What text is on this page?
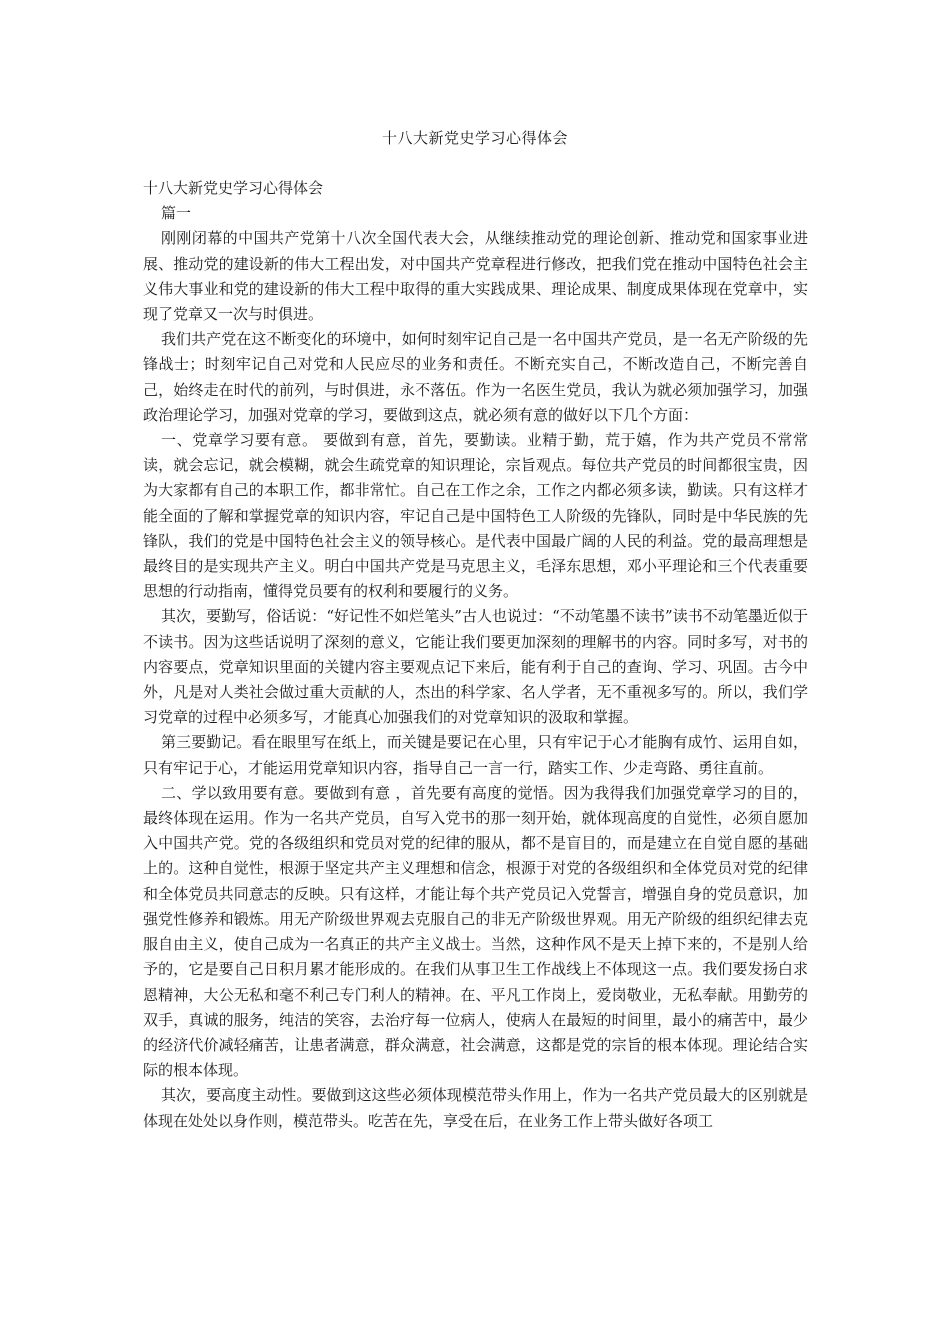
十八大新党史学习心得体会

十八大新党史学习心得体会

篇一

刚刚闭幕的中国共产党第十八次全国代表大会，从继续推动党的理论创新、推动党和国家事业进展、推动党的建设新的伟大工程出发，对中国共产党章程进行修改，把我们党在推动中国特色社会主义伟大事业和党的建设新的伟大工程中取得的重大实践成果、理论成果、制度成果体现在党章中，实现了党章又一次与时俱进。

我们共产党在这不断变化的环境中，如何时刻牢记自己是一名中国共产党员，是一名无产阶级的先锋战士；时刻牢记自己对党和人民应尽的业务和责任。不断充实自己，不断改造自己，不断完善自己，始终走在时代的前列，与时俱进，永不落伍。作为一名医生党员，我认为就必须加强学习，加强政治理论学习，加强对党章的学习，要做到这点，就必须有意的做好以下几个方面：

一、党章学习要有意。 要做到有意，首先，要勤读。业精于勤，荒于嬉，作为共产党员不常常读，就会忘记，就会模糊，就会生疏党章的知识理论，宗旨观点。每位共产党员的时间都很宝贵，因为大家都有自己的本职工作，都非常忙。自己在工作之余，工作之内都必须多读，勤读。只有这样才能全面的了解和掌握党章的知识内容，牢记自己是中国特色工人阶级的先锋队，同时是中华民族的先锋队，我们的党是中国特色社会主义的领导核心。是代表中国最广阔的人民的利益。党的最高理想是最终目的是实现共产主义。明白中国共产党是马克思主义，毛泽东思想，邓小平理论和三个代表重要思想的行动指南，懂得党员要有的权利和要履行的义务。

其次，要勤写，俗话说：“好记性不如烂笔头”古人也说过：“不动笔墨不读书”读书不动笔墨近似于不读书。因为这些话说明了深刻的意义，它能让我们要更加深刻的理解书的内容。同时多写，对书的内容要点，党章知识里面的关键内容主要观点记下来后，能有利于自己的查询、学习、巩固。古今中外，凡是对人类社会做过重大贡献的人，杰出的科学家、名人学者，无不重视多写的。所以，我们学习党章的过程中必须多写，才能真心加强我们的对党章知识的汲取和掌握。

第三要勤记。看在眼里写在纸上，而关键是要记在心里，只有牢记于心才能胸有成竹、运用自如，只有牢记于心，才能运用党章知识内容，指导自己一言一行，踏实工作、少走弯路、勇往直前。

二、学以致用要有意。要做到有意 ，首先要有高度的觉悟。因为我得我们加强党章学习的目的，最终体现在运用。作为一名共产党员，自写入党书的那一刻开始，就体现高度的自觉性，必须自愿加入中国共产党。党的各级组织和党员对党的纪律的服从，都不是盲目的，而是建立在自觉自愿的基础上的。这种自觉性，根源于坚定共产主义理想和信念，根源于对党的各级组织和全体党员对党的纪律和全体党员共同意志的反映。只有这样，才能让每个共产党员记入党誓言，增强自身的党员意识，加强党性修养和锻炼。用无产阶级世界观去克服自己的非无产阶级世界观。用无产阶级的组织纪律去克服自由主义，使自己成为一名真正的共产主义战士。当然，这种作风不是天上掉下来的，不是别人给予的，它是要自己日积月累才能形成的。在我们从事卫生工作战线上不体现这一点。我们要发扬白求恩精神，大公无私和毫不利己专门利人的精神。在、平凡工作岗上，爱岗敬业，无私奉献。用勤劳的双手，真诚的服务，纯洁的笑容，去治疗每一位病人，使病人在最短的时间里，最小的痛苦中，最少的经济代价减轻痛苦，让患者满意，群众满意，社会满意，这都是党的宗旨的根本体现。理论结合实际的根本体现。

其次，要高度主动性。要做到这这些必须体现模范带头作用上，作为一名共产党员最大的区别就是体现在处处以身作则，模范带头。吃苦在先，享受在后，在业务工作上带头做好各项工
